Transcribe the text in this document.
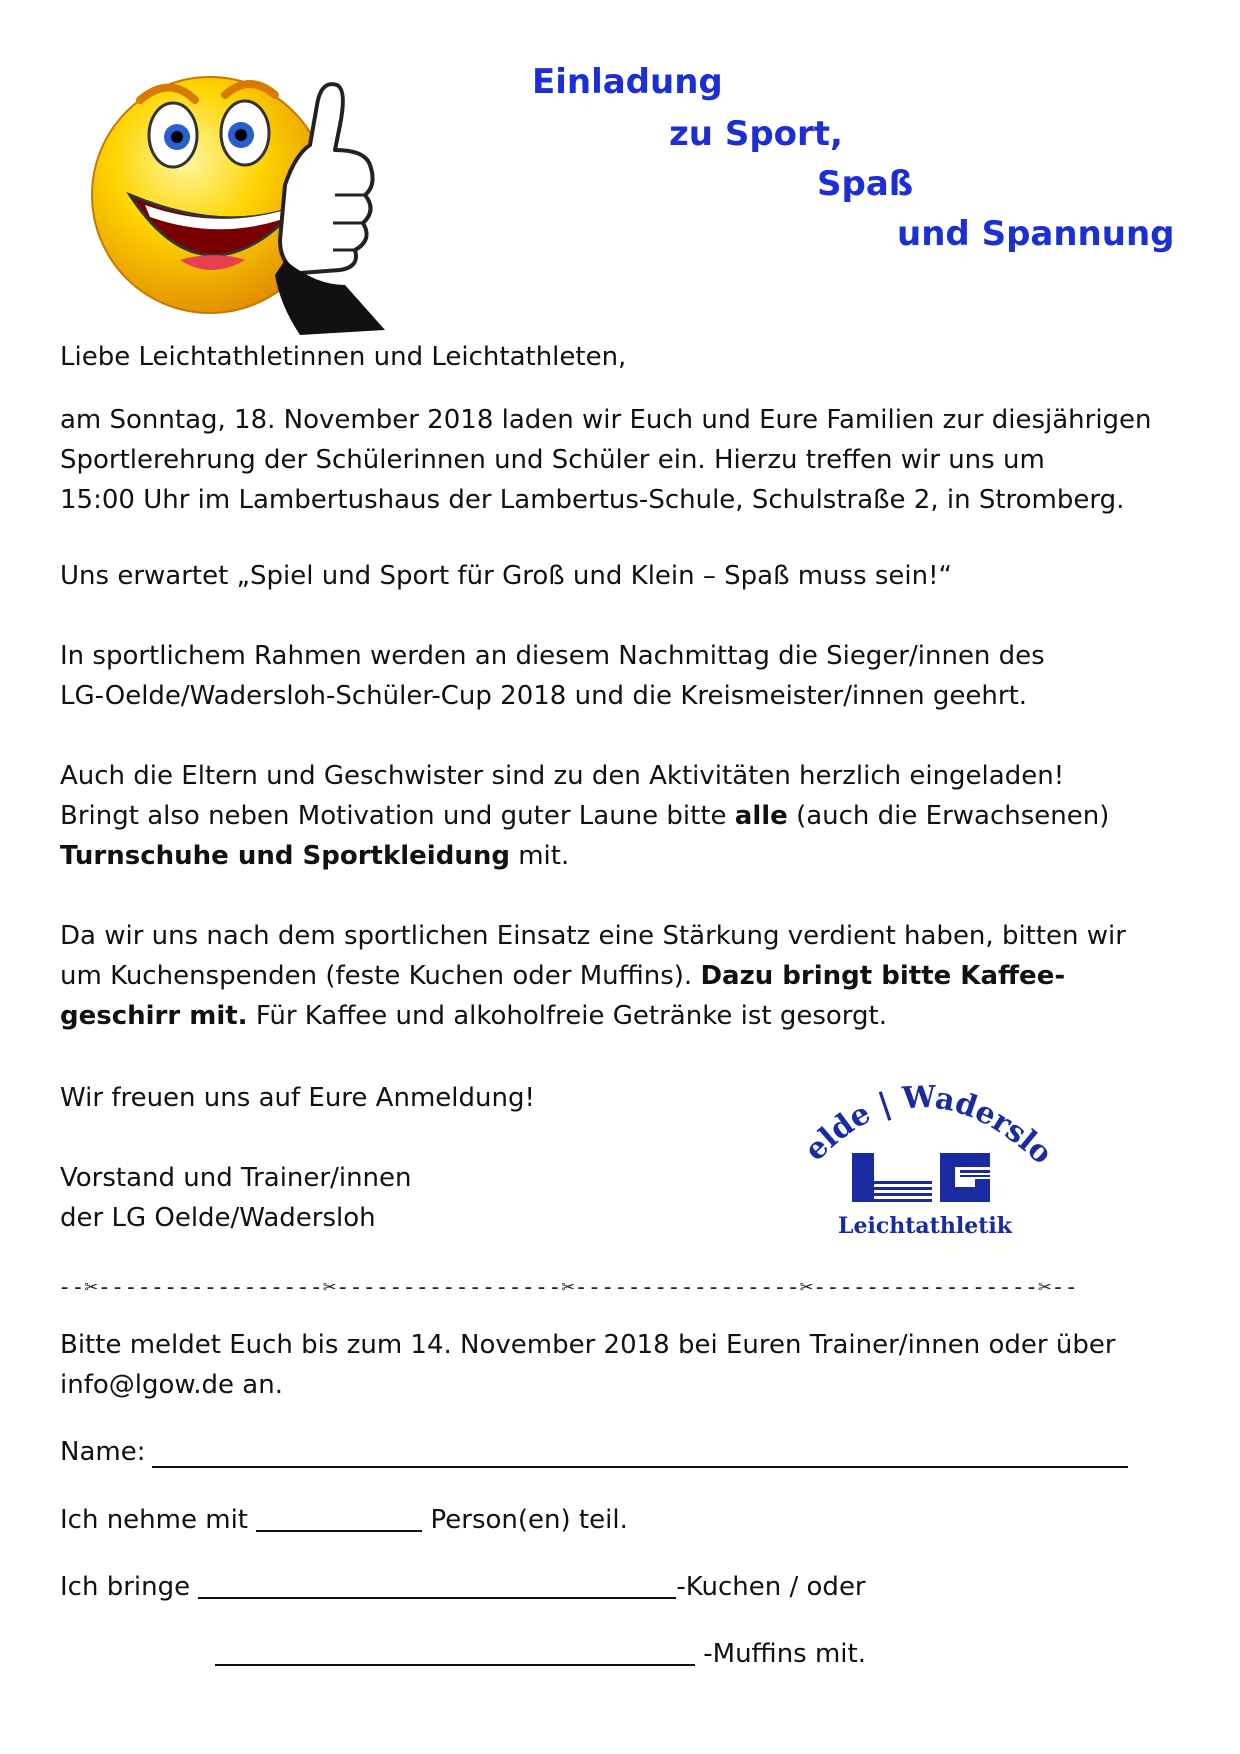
Einladung
zu Sport,
Spaß
und Spannung
Liebe Leichtathletinnen und Leichtathleten,
am Sonntag, 18. November 2018 laden wir Euch und Eure Familien zur diesjährigen
Sportlerehrung der Schülerinnen und Schüler ein. Hierzu treffen wir uns um
15:00 Uhr im Lambertushaus der Lambertus-Schule, Schulstraße 2, in Stromberg.
Uns erwartet „Spiel und Sport für Groß und Klein – Spaß muss sein!“
In sportlichem Rahmen werden an diesem Nachmittag die Sieger/innen des
LG-Oelde/Wadersloh-Schüler-Cup 2018 und die Kreismeister/innen geehrt.
Auch die Eltern und Geschwister sind zu den Aktivitäten herzlich eingeladen!
Bringt also neben Motivation und guter Laune bitte alle (auch die Erwachsenen)
Turnschuhe und Sportkleidung mit.
Da wir uns nach dem sportlichen Einsatz eine Stärkung verdient haben, bitten wir
um Kuchenspenden (feste Kuchen oder Muffins). Dazu bringt bitte Kaffee-
geschirr mit. Für Kaffee und alkoholfreie Getränke ist gesorgt.
Wir freuen uns auf Eure Anmeldung!
Vorstand und Trainer/innen
der LG Oelde/Wadersloh
elde | Waderslo
Leichtathletik
--✂-----------------✂-----------------✂-----------------✂-----------------✂--
Bitte meldet Euch bis zum 14. November 2018 bei Euren Trainer/innen oder über
info@lgow.de an.
Name:
Ich nehme mit	Person(en) teil.
Ich bringe	-Kuchen / oder
-Muffins mit.
